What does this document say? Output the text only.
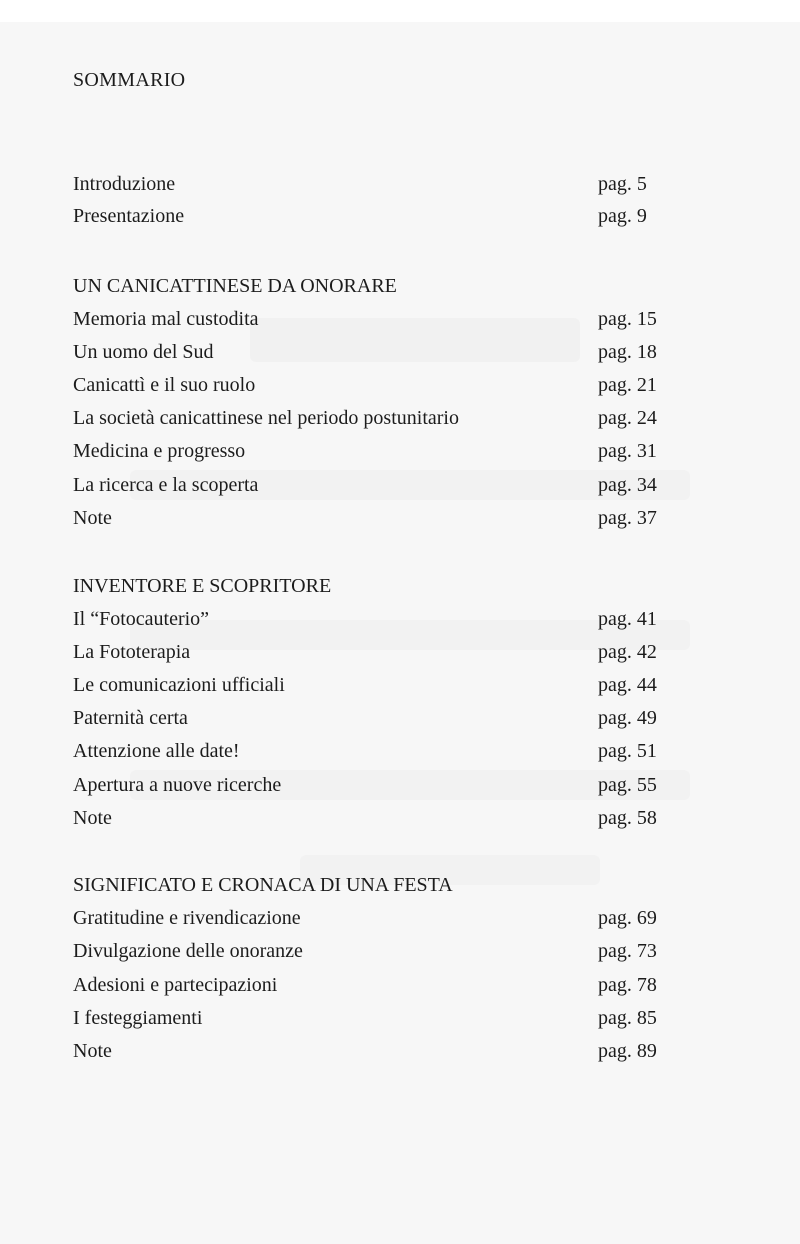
SOMMARIO
Introduzione	pag. 5
Presentazione	pag. 9
UN CANICATTINESE DA ONORARE
Memoria mal custodita	pag. 15
Un uomo del Sud	pag. 18
Canicattì e il suo ruolo	pag. 21
La società canicattinese nel periodo postunitario	pag. 24
Medicina e progresso	pag. 31
La ricerca e la scoperta	pag. 34
Note	pag. 37
INVENTORE E SCOPRITORE
Il “Fotocauterio”	pag. 41
La Fototerapia	pag. 42
Le comunicazioni ufficiali	pag. 44
Paternità certa	pag. 49
Attenzione alle date!	pag. 51
Apertura a nuove ricerche	pag. 55
Note	pag. 58
SIGNIFICATO E CRONACA DI UNA FESTA
Gratitudine e rivendicazione	pag. 69
Divulgazione delle onoranze	pag. 73
Adesioni e partecipazioni	pag. 78
I festeggiamenti	pag. 85
Note	pag. 89
